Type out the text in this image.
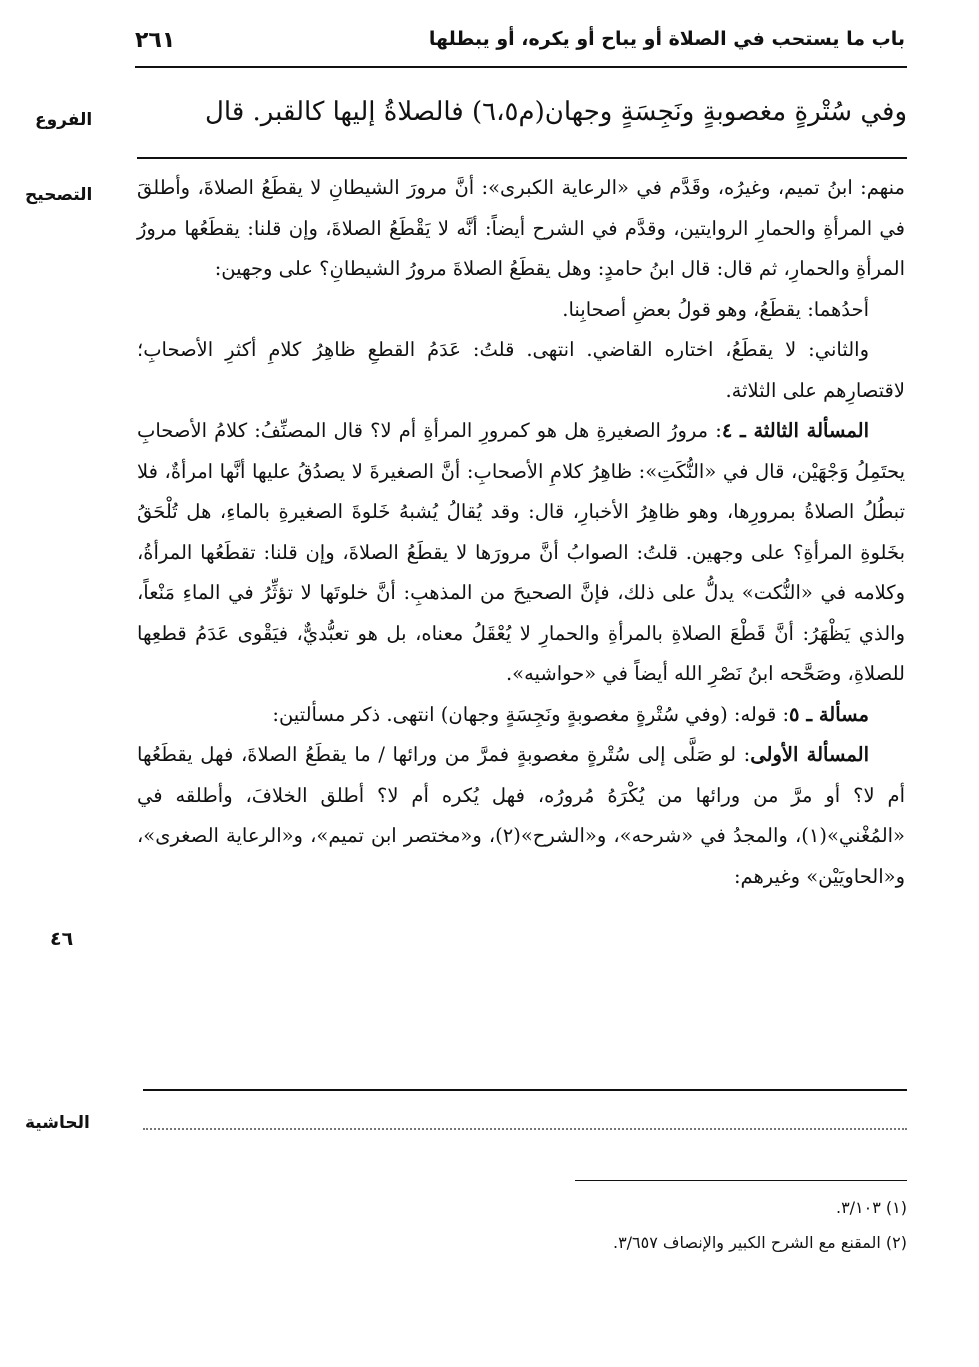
باب ما يستحب في الصلاة أو يباح أو يكره، أو يبطلها
٢٦١
الفروع	وفي سُتْرةٍ مغصوبةٍ ونَجِسَةٍ وجهان(م٦،٥) فالصلاةُ إليها كالقبر. قال
التصحيح	منهم: ابنُ تميم، وغيرُه، وقَدَّم في «الرعاية الكبرى»: أنَّ مرورَ الشيطانِ لا يقطَعُ الصلاةَ، وأطلقَ في المرأةِ والحمارِ الروايتين، وقدَّم في الشرح أيضاً: أنَّه لا يَقْطَعُ الصلاةَ، وإن قلنا: يقطَعُها مرورُ المرأةِ والحمارِ، ثم قال: قال ابنُ حامدٍ: وهل يقطَعُ الصلاةَ مرورُ الشيطانِ؟ على وجهين:

أحدُهما: يقطَعُ، وهو قولُ بعضِ أصحابِنا.

والثاني: لا يقطَعُ، اختاره القاضي. انتهى. قلتُ: عَدَمُ القطعِ ظاهِرُ كلامِ أكثرِ الأصحابِ؛ لاقتصارِهم على الثلاثة.

المسألة الثالثة ـ ٤: مرورُ الصغيرةِ هل هو كمرورِ المرأةِ أم لا؟ قال المصنِّفُ: كلامُ الأصحابِ يحتَمِلُ وَجْهَيْن، قال في «النُّكَتِ»: ظاهِرُ كلامِ الأصحابِ: أنَّ الصغيرةَ لا يصدُقُ عليها أنَّها امرأةٌ، فلا تبطُلُ الصلاةُ بمرورِها، وهو ظاهِرُ الأخبارِ، قال: وقد يُقالُ يُشبهُ خَلوةَ الصغيرةِ بالماءِ، هل تُلْحَقُ بخَلوةِ المرأةِ؟ على وجهين. قلتُ: الصوابُ أنَّ مرورَها لا يقطَعُ الصلاةَ، وإن قلنا: تقطَعُها المرأةُ، وكلامه في «النُّكت» يدلُّ على ذلك، فإنَّ الصحيحَ من المذهبِ: أنَّ خلوتَها لا تؤثِّرُ في الماءِ مَنْعاً، والذي يَظْهَرُ: أنَّ قَطْعَ الصلاةِ بالمرأةِ والحمارِ لا يُعْقَلُ معناه، بل هو تعبُّديٌّ، فيَقْوى عَدَمُ قطعِها للصلاةِ، وصَحَّحه ابنُ نَصْرِ الله أيضاً في «حواشيه».

مسألة ـ ٥: قوله: (وفي سُتْرةٍ مغصوبةٍ ونَجِسَةٍ وجهان) انتهى. ذكر مسألتين:

المسألة الأولى: لو صَلَّى إلى سُتْرةٍ مغصوبةٍ فمرَّ من ورائها / ما يقطَعُ الصلاةَ، فهل يقطَعُها أم لا؟ أو مرَّ من ورائها من يُكْرَهُ مُرورُه، فهل يُكره أم لا؟ أطلق الخلافَ، وأطلقه في «المُغْني»(١)، والمجدُ في «شرحه»، و«الشرح»(٢)، و«مختصر ابن تميم»، و«الرعاية الصغرى»، و«الحاويَيْن» وغيرهم:

٤٦
الحاشية
(١) ٣/١٠٣.
(٢) المقنع مع الشرح الكبير والإنصاف ٣/٦٥٧.
